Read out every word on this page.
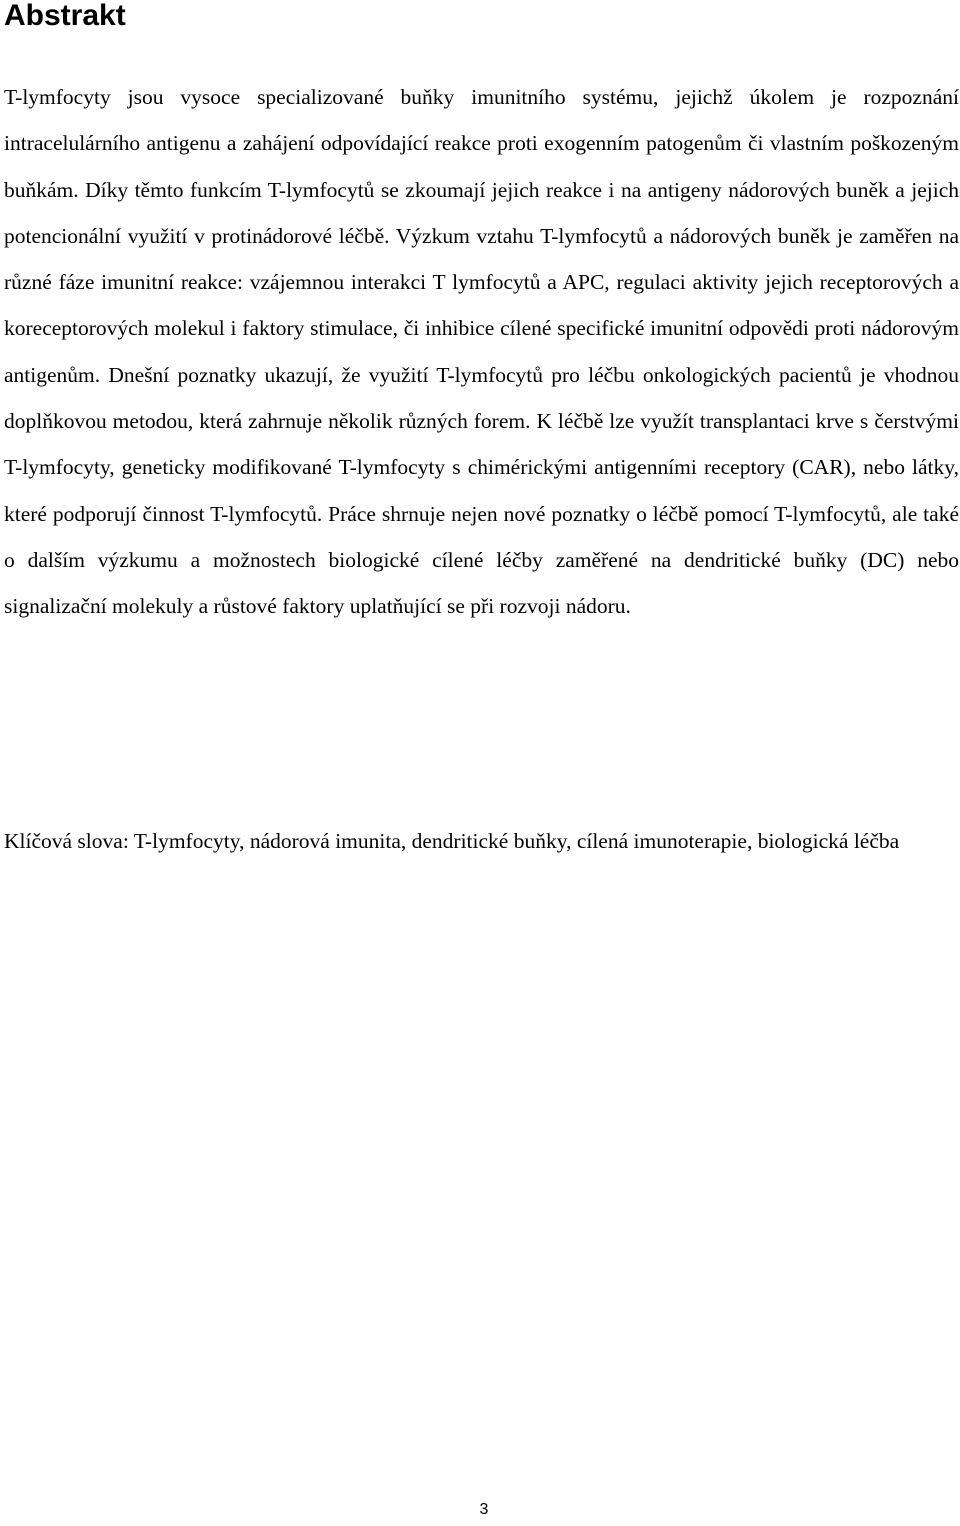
Abstrakt

T-lymfocyty jsou vysoce specializované buňky imunitního systému, jejichž úkolem je rozpoznání intracelulárního antigenu a zahájení odpovídající reakce proti exogenním patogenům či vlastním poškozeným buňkám. Díky těmto funkcím T-lymfocytů se zkoumají jejich reakce i na antigeny nádorových buněk a jejich potencionální využití v protinádorové léčbě. Výzkum vztahu T-lymfocytů a nádorových buněk je zaměřen na různé fáze imunitní reakce: vzájemnou interakci T lymfocytů a APC, regulaci aktivity jejich receptorových a koreceptorových molekul i faktory stimulace, či inhibice cílené specifické imunitní odpovědi proti nádorovým antigenům. Dnešní poznatky ukazují, že využití T-lymfocytů pro léčbu onkologických pacientů je vhodnou doplňkovou metodou, která zahrnuje několik různých forem. K léčbě lze využít transplantaci krve s čerstvými T-lymfocyty, geneticky modifikované T-lymfocyty s chimérickými antigenními receptory (CAR), nebo látky, které podporují činnost T-lymfocytů. Práce shrnuje nejen nové poznatky o léčbě pomocí T-lymfocytů, ale také o dalším výzkumu a možnostech biologické cílené léčby zaměřené na dendritické buňky (DC) nebo signalizační molekuly a růstové faktory uplatňující se při rozvoji nádoru.

Klíčová slova: T-lymfocyty, nádorová imunita, dendritické buňky, cílená imunoterapie, biologická léčba

3
